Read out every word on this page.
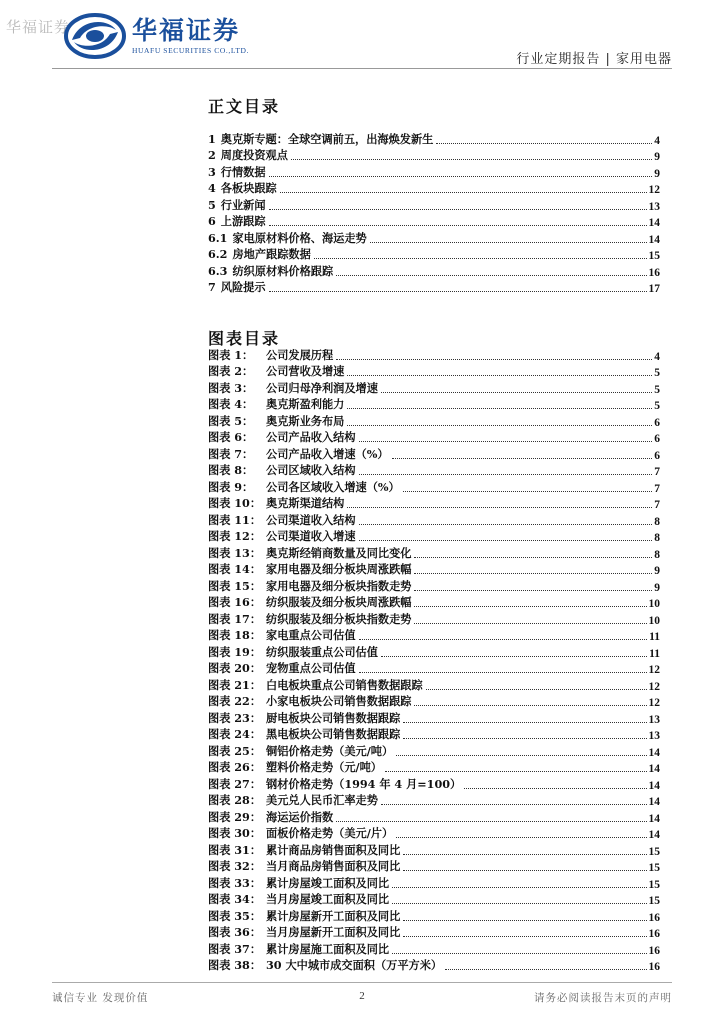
华福证券 华福证券
HUAFU SECURITIES CO.,LTD.
行业定期报告 | 家用电器
正文目录
1 奥克斯专题：全球空调前五，出海焕发新生	4
2 周度投资观点	9
3 行情数据	9
4 各板块跟踪	12
5 行业新闻	13
6 上游跟踪	14
6.1 家电原材料价格、海运走势	14
6.2 房地产跟踪数据	15
6.3 纺织原材料价格跟踪	16
7 风险提示	17
图表目录
图表 1： 公司发展历程	4
图表 2： 公司营收及增速	5
图表 3： 公司归母净利润及增速	5
图表 4： 奥克斯盈利能力	5
图表 5： 奥克斯业务布局	6
图表 6： 公司产品收入结构	6
图表 7： 公司产品收入增速（%）	6
图表 8： 公司区域收入结构	7
图表 9： 公司各区域收入增速（%）	7
图表 10： 奥克斯渠道结构	7
图表 11： 公司渠道收入结构	8
图表 12： 公司渠道收入增速	8
图表 13： 奥克斯经销商数量及同比变化	8
图表 14： 家用电器及细分板块周涨跌幅	9
图表 15： 家用电器及细分板块指数走势	9
图表 16： 纺织服装及细分板块周涨跌幅	10
图表 17： 纺织服装及细分板块指数走势	10
图表 18： 家电重点公司估值	11
图表 19： 纺织服装重点公司估值	11
图表 20： 宠物重点公司估值	12
图表 21： 白电板块重点公司销售数据跟踪	12
图表 22： 小家电板块公司销售数据跟踪	12
图表 23： 厨电板块公司销售数据跟踪	13
图表 24： 黑电板块公司销售数据跟踪	13
图表 25： 铜铝价格走势（美元/吨）	14
图表 26： 塑料价格走势（元/吨）	14
图表 27： 钢材价格走势（1994 年 4 月=100）	14
图表 28： 美元兑人民币汇率走势	14
图表 29： 海运运价指数	14
图表 30： 面板价格走势（美元/片）	14
图表 31： 累计商品房销售面积及同比	15
图表 32： 当月商品房销售面积及同比	15
图表 33： 累计房屋竣工面积及同比	15
图表 34： 当月房屋竣工面积及同比	15
图表 35： 累计房屋新开工面积及同比	16
图表 36： 当月房屋新开工面积及同比	16
图表 37： 累计房屋施工面积及同比	16
图表 38： 30 大中城市成交面积（万平方米）	16
诚信专业 发现价值	2	请务必阅读报告末页的声明
